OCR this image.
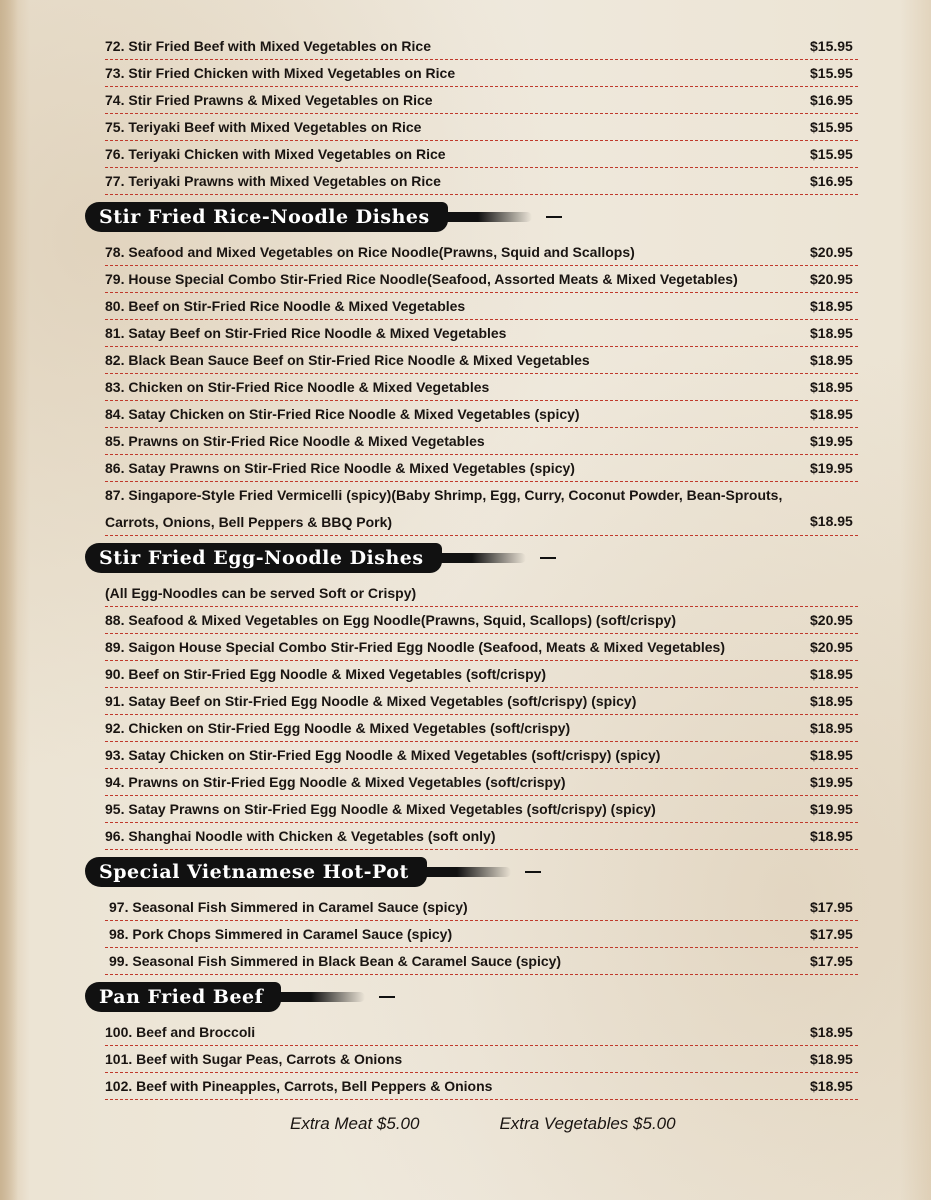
72. Stir Fried Beef with Mixed Vegetables on Rice	$15.95
73. Stir Fried Chicken with Mixed Vegetables on Rice	$15.95
74. Stir Fried Prawns & Mixed Vegetables on Rice	$16.95
75. Teriyaki Beef with Mixed Vegetables on Rice	$15.95
76. Teriyaki Chicken with Mixed Vegetables on Rice	$15.95
77. Teriyaki Prawns with Mixed Vegetables on Rice	$16.95
Stir Fried Rice-Noodle Dishes
78. Seafood and Mixed Vegetables on Rice Noodle(Prawns, Squid and Scallops)	$20.95
79. House Special Combo Stir-Fried Rice Noodle(Seafood, Assorted Meats & Mixed Vegetables)	$20.95
80. Beef on Stir-Fried Rice Noodle & Mixed Vegetables	$18.95
81. Satay Beef on Stir-Fried Rice Noodle & Mixed Vegetables	$18.95
82. Black Bean Sauce Beef on Stir-Fried Rice Noodle & Mixed Vegetables	$18.95
83. Chicken on Stir-Fried Rice Noodle & Mixed Vegetables	$18.95
84. Satay Chicken on Stir-Fried Rice Noodle & Mixed Vegetables (spicy)	$18.95
85. Prawns on Stir-Fried Rice Noodle & Mixed Vegetables	$19.95
86. Satay Prawns on Stir-Fried Rice Noodle & Mixed Vegetables (spicy)	$19.95
87. Singapore-Style Fried Vermicelli (spicy)(Baby Shrimp, Egg, Curry, Coconut Powder, Bean-Sprouts, Carrots, Onions, Bell Peppers & BBQ Pork)	$18.95
Stir Fried Egg-Noodle Dishes
(All Egg-Noodles can be served Soft or Crispy)
88. Seafood & Mixed Vegetables on Egg Noodle(Prawns, Squid, Scallops) (soft/crispy)	$20.95
89. Saigon House Special Combo Stir-Fried Egg Noodle (Seafood, Meats & Mixed Vegetables)	$20.95
90. Beef on Stir-Fried Egg Noodle & Mixed Vegetables (soft/crispy)	$18.95
91. Satay Beef on Stir-Fried Egg Noodle & Mixed Vegetables (soft/crispy) (spicy)	$18.95
92. Chicken on Stir-Fried Egg Noodle & Mixed Vegetables (soft/crispy)	$18.95
93. Satay Chicken on Stir-Fried Egg Noodle & Mixed Vegetables (soft/crispy) (spicy)	$18.95
94. Prawns on Stir-Fried Egg Noodle & Mixed Vegetables (soft/crispy)	$19.95
95. Satay Prawns on Stir-Fried Egg Noodle & Mixed Vegetables (soft/crispy) (spicy)	$19.95
96. Shanghai Noodle with Chicken & Vegetables (soft only)	$18.95
Special Vietnamese Hot-Pot
97. Seasonal Fish Simmered in Caramel Sauce (spicy)	$17.95
98. Pork Chops Simmered in Caramel Sauce (spicy)	$17.95
99. Seasonal Fish Simmered in Black Bean & Caramel Sauce (spicy)	$17.95
Pan Fried Beef
100. Beef and Broccoli	$18.95
101. Beef with Sugar Peas, Carrots & Onions	$18.95
102. Beef with Pineapples, Carrots, Bell Peppers & Onions	$18.95
Extra Meat $5.00	Extra Vegetables $5.00
